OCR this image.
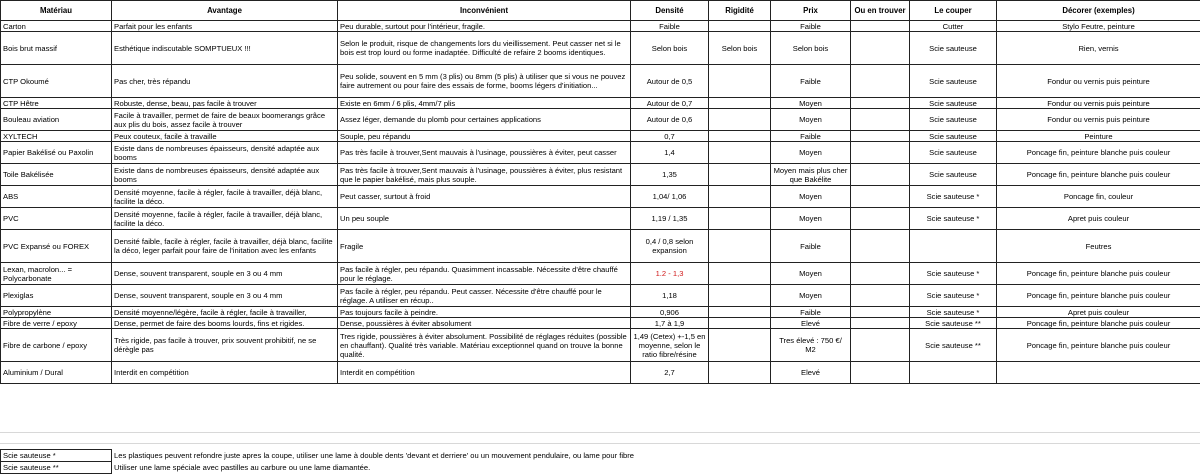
Matériau	Avantage	Inconvénient	Densité	Rigidité	Prix	Ou en trouver	Le couper	Décorer (exemples)
Carton	Parfait pour les enfants	Peu durable, surtout pour l'intérieur, fragile.	Faible		Faible		Cutter	Stylo Feutre, peinture
Bois brut massif	Esthétique indiscutable SOMPTUEUX !!!	Selon le produit, risque de changements lors du vieillissement. Peut casser net si le bois est trop lourd ou forme inadaptée. Difficulté de refaire 2 booms identiques.	Selon bois	Selon bois	Selon bois		Scie sauteuse	Rien, vernis
CTP Okoumé	Pas cher, très répandu	Peu solide, souvent en 5 mm (3 plis) ou 8mm (5 plis) à utiliser que si vous ne pouvez faire autrement ou pour faire des essais de forme, booms légers d'initiation...	Autour de 0,5		Faible		Scie sauteuse	Fondur ou vernis puis peinture
CTP Hêtre	Robuste, dense, beau, pas facile à trouver	Existe en 6mm / 6 plis, 4mm/7 plis	Autour de 0,7		Moyen		Scie sauteuse	Fondur ou vernis puis peinture
Bouleau aviation	Facile à travailler, permet de faire de beaux boomerangs grâce aux plis du bois, assez facile à trouver	Assez léger, demande du plomb pour certaines applications	Autour de 0,6		Moyen		Scie sauteuse	Fondur ou vernis puis peinture
XYLTECH	Peux couteux, facile à travaille	Souple, peu répandu	0,7		Faible		Scie sauteuse	Peinture
Papier Bakélisé ou Paxolin	Existe dans de nombreuses épaisseurs, densité adaptée aux booms	Pas très facile à trouver,Sent mauvais à l'usinage, poussières à éviter, peut casser	1,4		Moyen		Scie sauteuse	Poncage fin, peinture blanche puis couleur
Toile Bakélisée	Existe dans de nombreuses épaisseurs, densité adaptée aux booms	Pas très facile à trouver,Sent mauvais à l'usinage, poussières à éviter, plus resistant que le papier bakélisé, mais plus souple.	1,35		Moyen mais plus cher que Bakélite		Scie sauteuse	Poncage fin, peinture blanche puis couleur
ABS	Densité moyenne, facile à régler, facile à travailler, déjà blanc, facilite la déco.	Peut casser, surtout à froid	1,04/ 1,06		Moyen		Scie sauteuse *	Poncage fin, couleur
PVC	Densité moyenne, facile à régler, facile à travailler, déjà blanc, facilite la déco.	Un peu souple	1,19 / 1,35		Moyen		Scie sauteuse *	Apret puis couleur
PVC Expansé ou FOREX	Densité faible, facile à régler, facile à travailler, déjà blanc, facilite la déco, leger parfait pour faire de l'initation avec les enfants	Fragile	0,4 / 0,8 selon expansion		Faible			Feutres
Lexan, macrolon... = Polycarbonate	Dense, souvent transparent, souple en 3 ou 4 mm	Pas facile à régler, peu répandu. Quasimment incassable. Nécessite d'être chauffé pour le réglage.	1.2 - 1,3		Moyen		Scie sauteuse *	Poncage fin, peinture blanche puis couleur
Plexiglas	Dense, souvent transparent, souple en 3 ou 4 mm	Pas facile à régler, peu répandu. Peut casser. Nécessite d'être chauffé pour le réglage. A utiliser en récup..	1,18		Moyen		Scie sauteuse *	Poncage fin, peinture blanche puis couleur
Polypropylène	Densité moyenne/légère, facile à régler, facile à travailler,	Pas toujours facile à peindre.	0,906		Faible		Scie sauteuse *	Apret puis couleur
Fibre de verre / epoxy	Dense, permet de faire des booms lourds, fins et rigides.	Dense, poussières à éviter absolument	1,7 à 1,9		Elevé		Scie sauteuse **	Poncage fin, peinture blanche puis couleur
Fibre de carbone / epoxy	Très rigide, pas facile à trouver, prix souvent prohibitif, ne se dérègle pas	Tres rigide, poussières à éviter absolument. Possibilité de réglages réduites (possible en chauffant). Qualité très variable. Matériau exceptionnel quand on trouve la bonne qualité.	1,49 (Cetex) +-1,5 en moyenne, selon le ratio fibre/résine		Tres élevé : 750 €/ M2		Scie sauteuse **	Poncage fin, peinture blanche puis couleur
Aluminium / Dural	Interdit en compétition	Interdit en compétition	2,7		Elevé			
Scie sauteuse *	Les plastiques peuvent refondre juste apres la coupe, utiliser une lame à double dents 'devant et derriere' ou un mouvement pendulaire, ou lame pour fibre
Scie sauteuse **	Utiliser une lame spéciale avec pastilles au carbure ou une lame diamantée.
